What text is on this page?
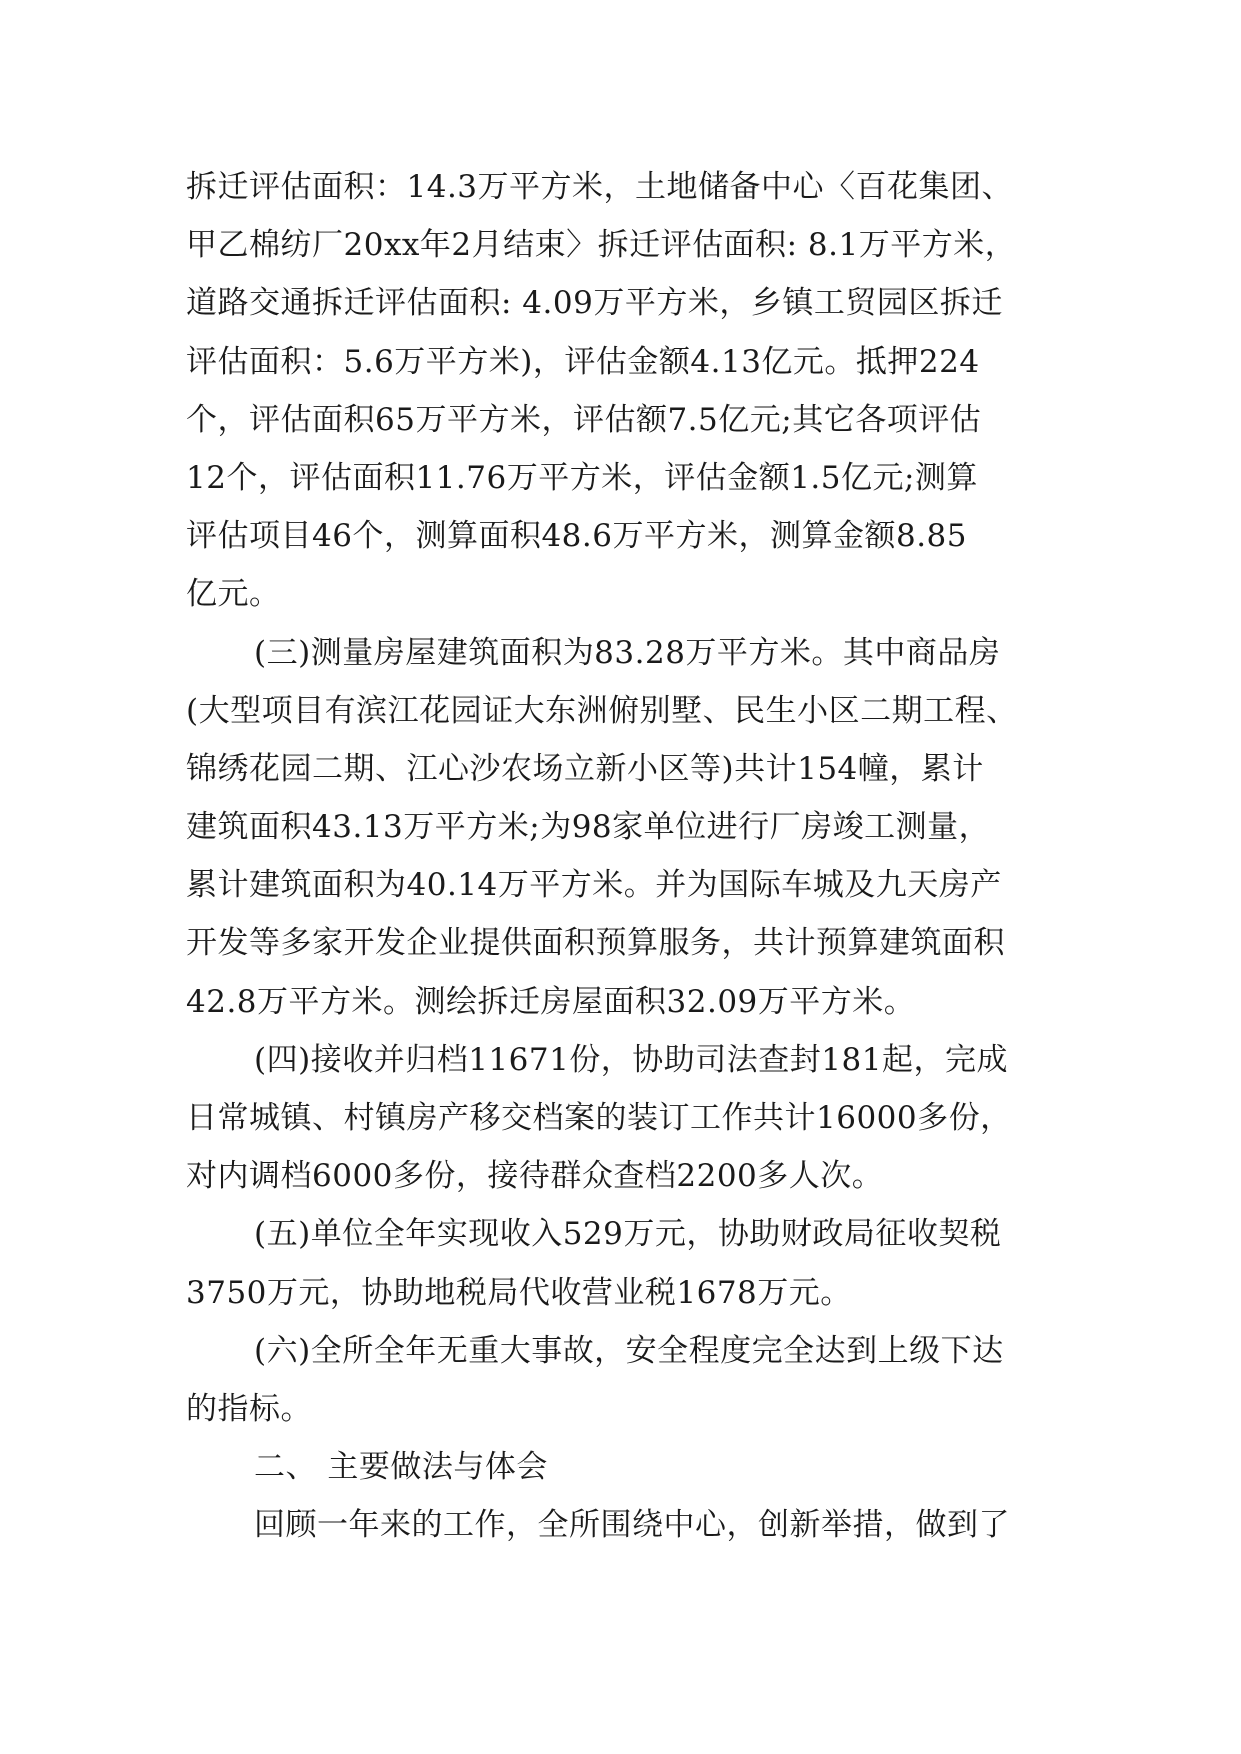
拆迁评估面积：14.3万平方米，土地储备中心〈百花集团、
甲乙棉纺厂20xx年2月结束〉拆迁评估面积: 8.1万平方米，
道路交通拆迁评估面积: 4.09万平方米，乡镇工贸园区拆迁
评估面积：5.6万平方米)，评估金额4.13亿元。抵押224
个，评估面积65万平方米，评估额7.5亿元;其它各项评估
12个，评估面积11.76万平方米，评估金额1.5亿元;测算
评估项目46个，测算面积48.6万平方米，测算金额8.85
亿元。
(三)测量房屋建筑面积为83.28万平方米。其中商品房
(大型项目有滨江花园证大东洲俯别墅、民生小区二期工程、
锦绣花园二期、江心沙农场立新小区等)共计154幢，累计
建筑面积43.13万平方米;为98家单位进行厂房竣工测量，
累计建筑面积为40.14万平方米。并为国际车城及九天房产
开发等多家开发企业提供面积预算服务，共计预算建筑面积
42.8万平方米。测绘拆迁房屋面积32.09万平方米。
(四)接收并归档11671份，协助司法查封181起，完成
日常城镇、村镇房产移交档案的装订工作共计16000多份，
对内调档6000多份，接待群众查档2200多人次。
(五)单位全年实现收入529万元，协助财政局征收契税
3750万元，协助地税局代收营业税1678万元。
(六)全所全年无重大事故，安全程度完全达到上级下达
的指标。
二、 主要做法与体会
回顾一年来的工作，全所围绕中心，创新举措，做到了
